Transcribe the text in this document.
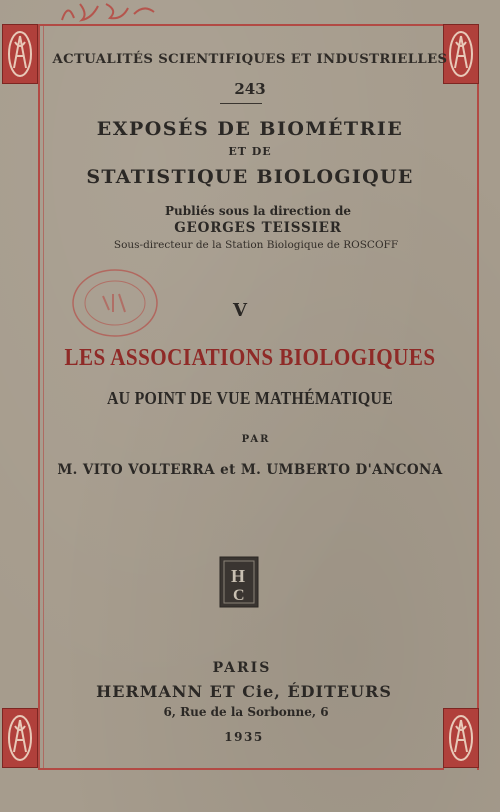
ACTUALITÉS SCIENTIFIQUES ET INDUSTRIELLES
243
EXPOSÉS DE BIOMÉTRIE
ET DE
STATISTIQUE BIOLOGIQUE
Publiés sous la direction de
GEORGES TEISSIER
Sous-directeur de la Station Biologique de ROSCOFF
V
LES ASSOCIATIONS BIOLOGIQUES
AU POINT DE VUE MATHÉMATIQUE
PAR
M. VITO VOLTERRA et M. UMBERTO D'ANCONA
H
C
PARIS
HERMANN ET Cie, ÉDITEURS
6, Rue de la Sorbonne, 6
1935
